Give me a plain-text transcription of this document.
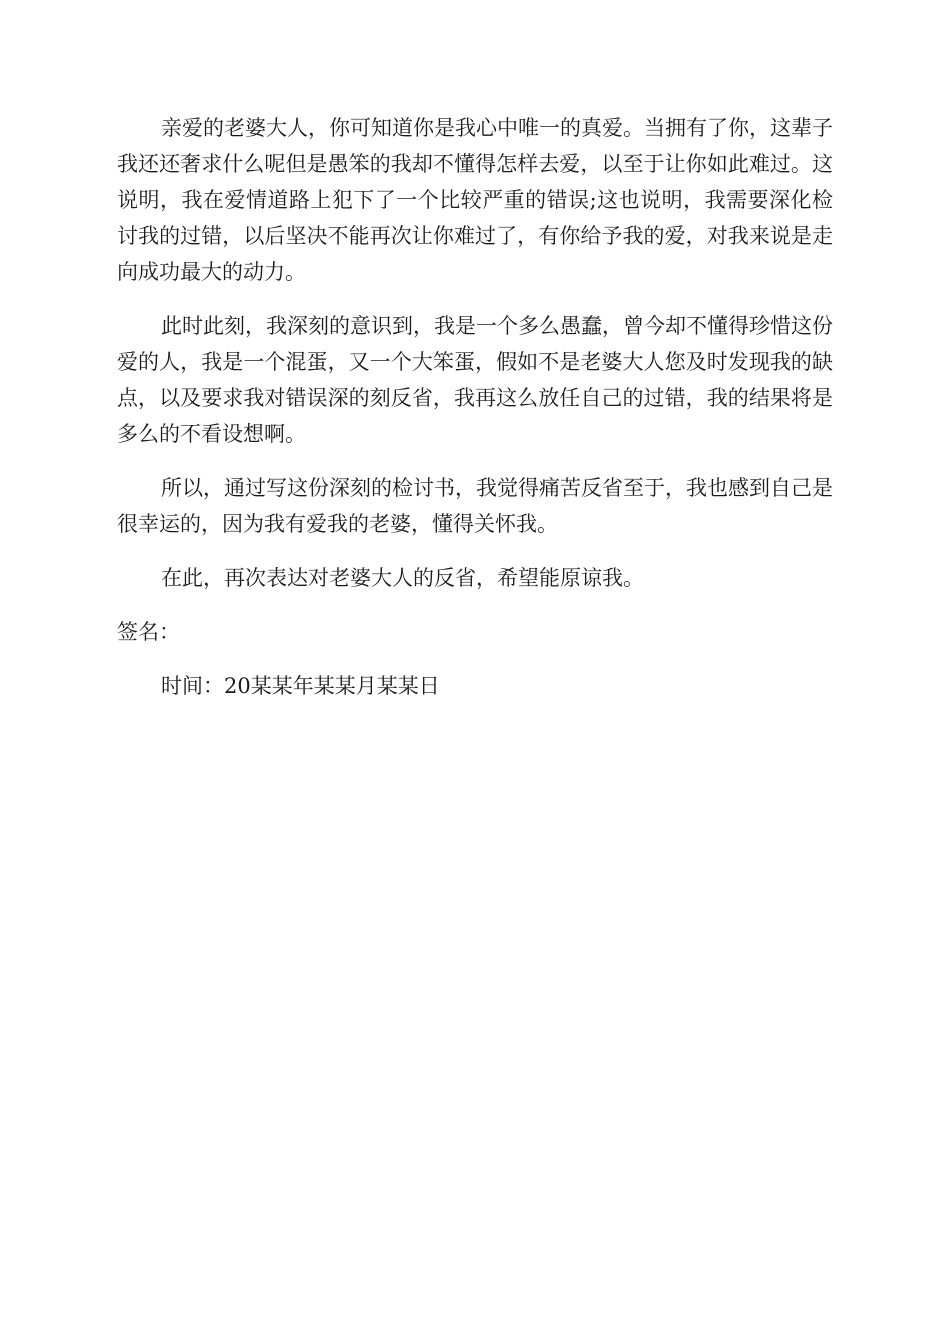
亲爱的老婆大人，你可知道你是我心中唯一的真爱。当拥有了你，这辈子我还还奢求什么呢但是愚笨的我却不懂得怎样去爱，以至于让你如此难过。这说明，我在爱情道路上犯下了一个比较严重的错误;这也说明，我需要深化检讨我的过错，以后坚决不能再次让你难过了，有你给予我的爱，对我来说是走向成功最大的动力。

此时此刻，我深刻的意识到，我是一个多么愚蠢，曾今却不懂得珍惜这份爱的人，我是一个混蛋，又一个大笨蛋，假如不是老婆大人您及时发现我的缺点，以及要求我对错误深的刻反省，我再这么放任自己的过错，我的结果将是多么的不看设想啊。

所以，通过写这份深刻的检讨书，我觉得痛苦反省至于，我也感到自己是很幸运的，因为我有爱我的老婆，懂得关怀我。

在此，再次表达对老婆大人的反省，希望能原谅我。

签名：

时间：20某某年某某月某某日
